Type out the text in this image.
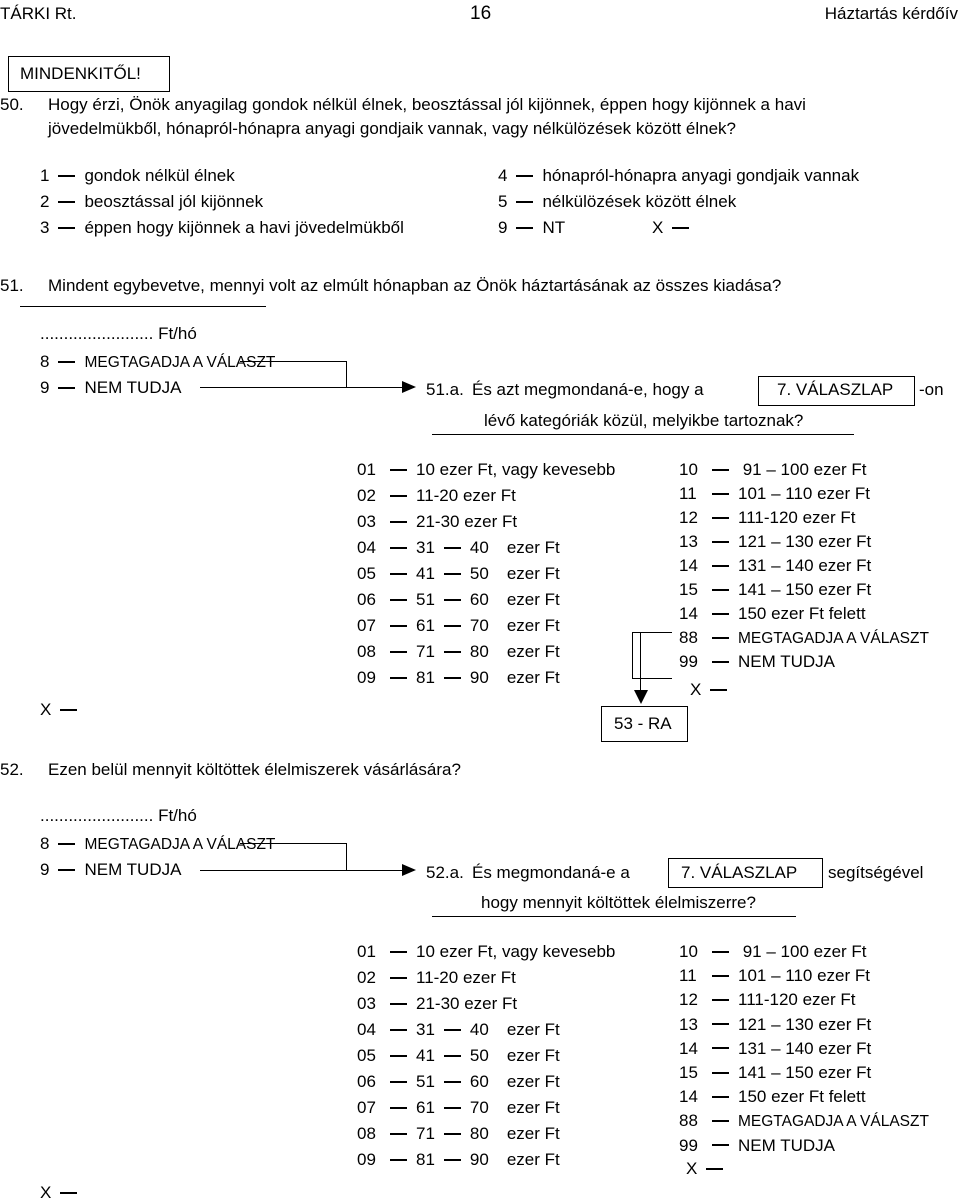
TÁRKI Rt.	16	Háztartás kérdőív
MINDENKITŐL!
50. Hogy érzi, Önök anyagilag gondok nélkül élnek, beosztással jól kijönnek, éppen hogy kijönnek a havi
jövedelmükből, hónapról-hónapra anyagi gondjaik vannak, vagy nélkülözések között élnek?
1 gondok nélkül élnek
2 beosztással jól kijönnek
3 éppen hogy kijönnek a havi jövedelmükből
4 hónapról-hónapra anyagi gondjaik vannak
5 nélkülözések között élnek
9 NT	X
51. Mindent egybevetve, mennyi volt az elmúlt hónapban az Önök háztartásának az összes kiadása?
........................ Ft/hó
8 MEGTAGADJA A VÁLASZT
9 NEM TUDJA	51.a. És azt megmondaná-e, hogy a	7. VÁLASZLAP -on
lévő kategóriák közül, melyikbe tartoznak?
01 10 ezer Ft, vagy kevesebb
02 11-20 ezer Ft
03 21-30 ezer Ft
04 31 40 ezer Ft
05 41 50 ezer Ft
06 51 60 ezer Ft
07 61 70 ezer Ft
08 71 80 ezer Ft
09 81 90 ezer Ft
10 91 – 100 ezer Ft
11 101 – 110 ezer Ft
12 111-120 ezer Ft
13 121 – 130 ezer Ft
14 131 – 140 ezer Ft
15 141 – 150 ezer Ft
14 150 ezer Ft felett
88	MEGTAGADJA A VÁLASZT
99 NEM TUDJA
X
X
53 - RA
52. Ezen belül mennyit költöttek élelmiszerek vásárlására?
........................ Ft/hó
8 MEGTAGADJA A VÁLASZT
9 NEM TUDJA	52.a. És megmondaná-e a	7. VÁLASZLAP segítségével
hogy mennyit költöttek élelmiszerre?
01 10 ezer Ft, vagy kevesebb
02 11-20 ezer Ft
03 21-30 ezer Ft
04 31 40 ezer Ft
05 41 50 ezer Ft
06 51 60 ezer Ft
07 61 70 ezer Ft
08 71 80 ezer Ft
09 81 90 ezer Ft
10 91 – 100 ezer Ft
11 101 – 110 ezer Ft
12 111-120 ezer Ft
13 121 – 130 ezer Ft
14 131 – 140 ezer Ft
15 141 – 150 ezer Ft
14 150 ezer Ft felett
88	MEGTAGADJA A VÁLASZT
99 NEM TUDJA
X
X
